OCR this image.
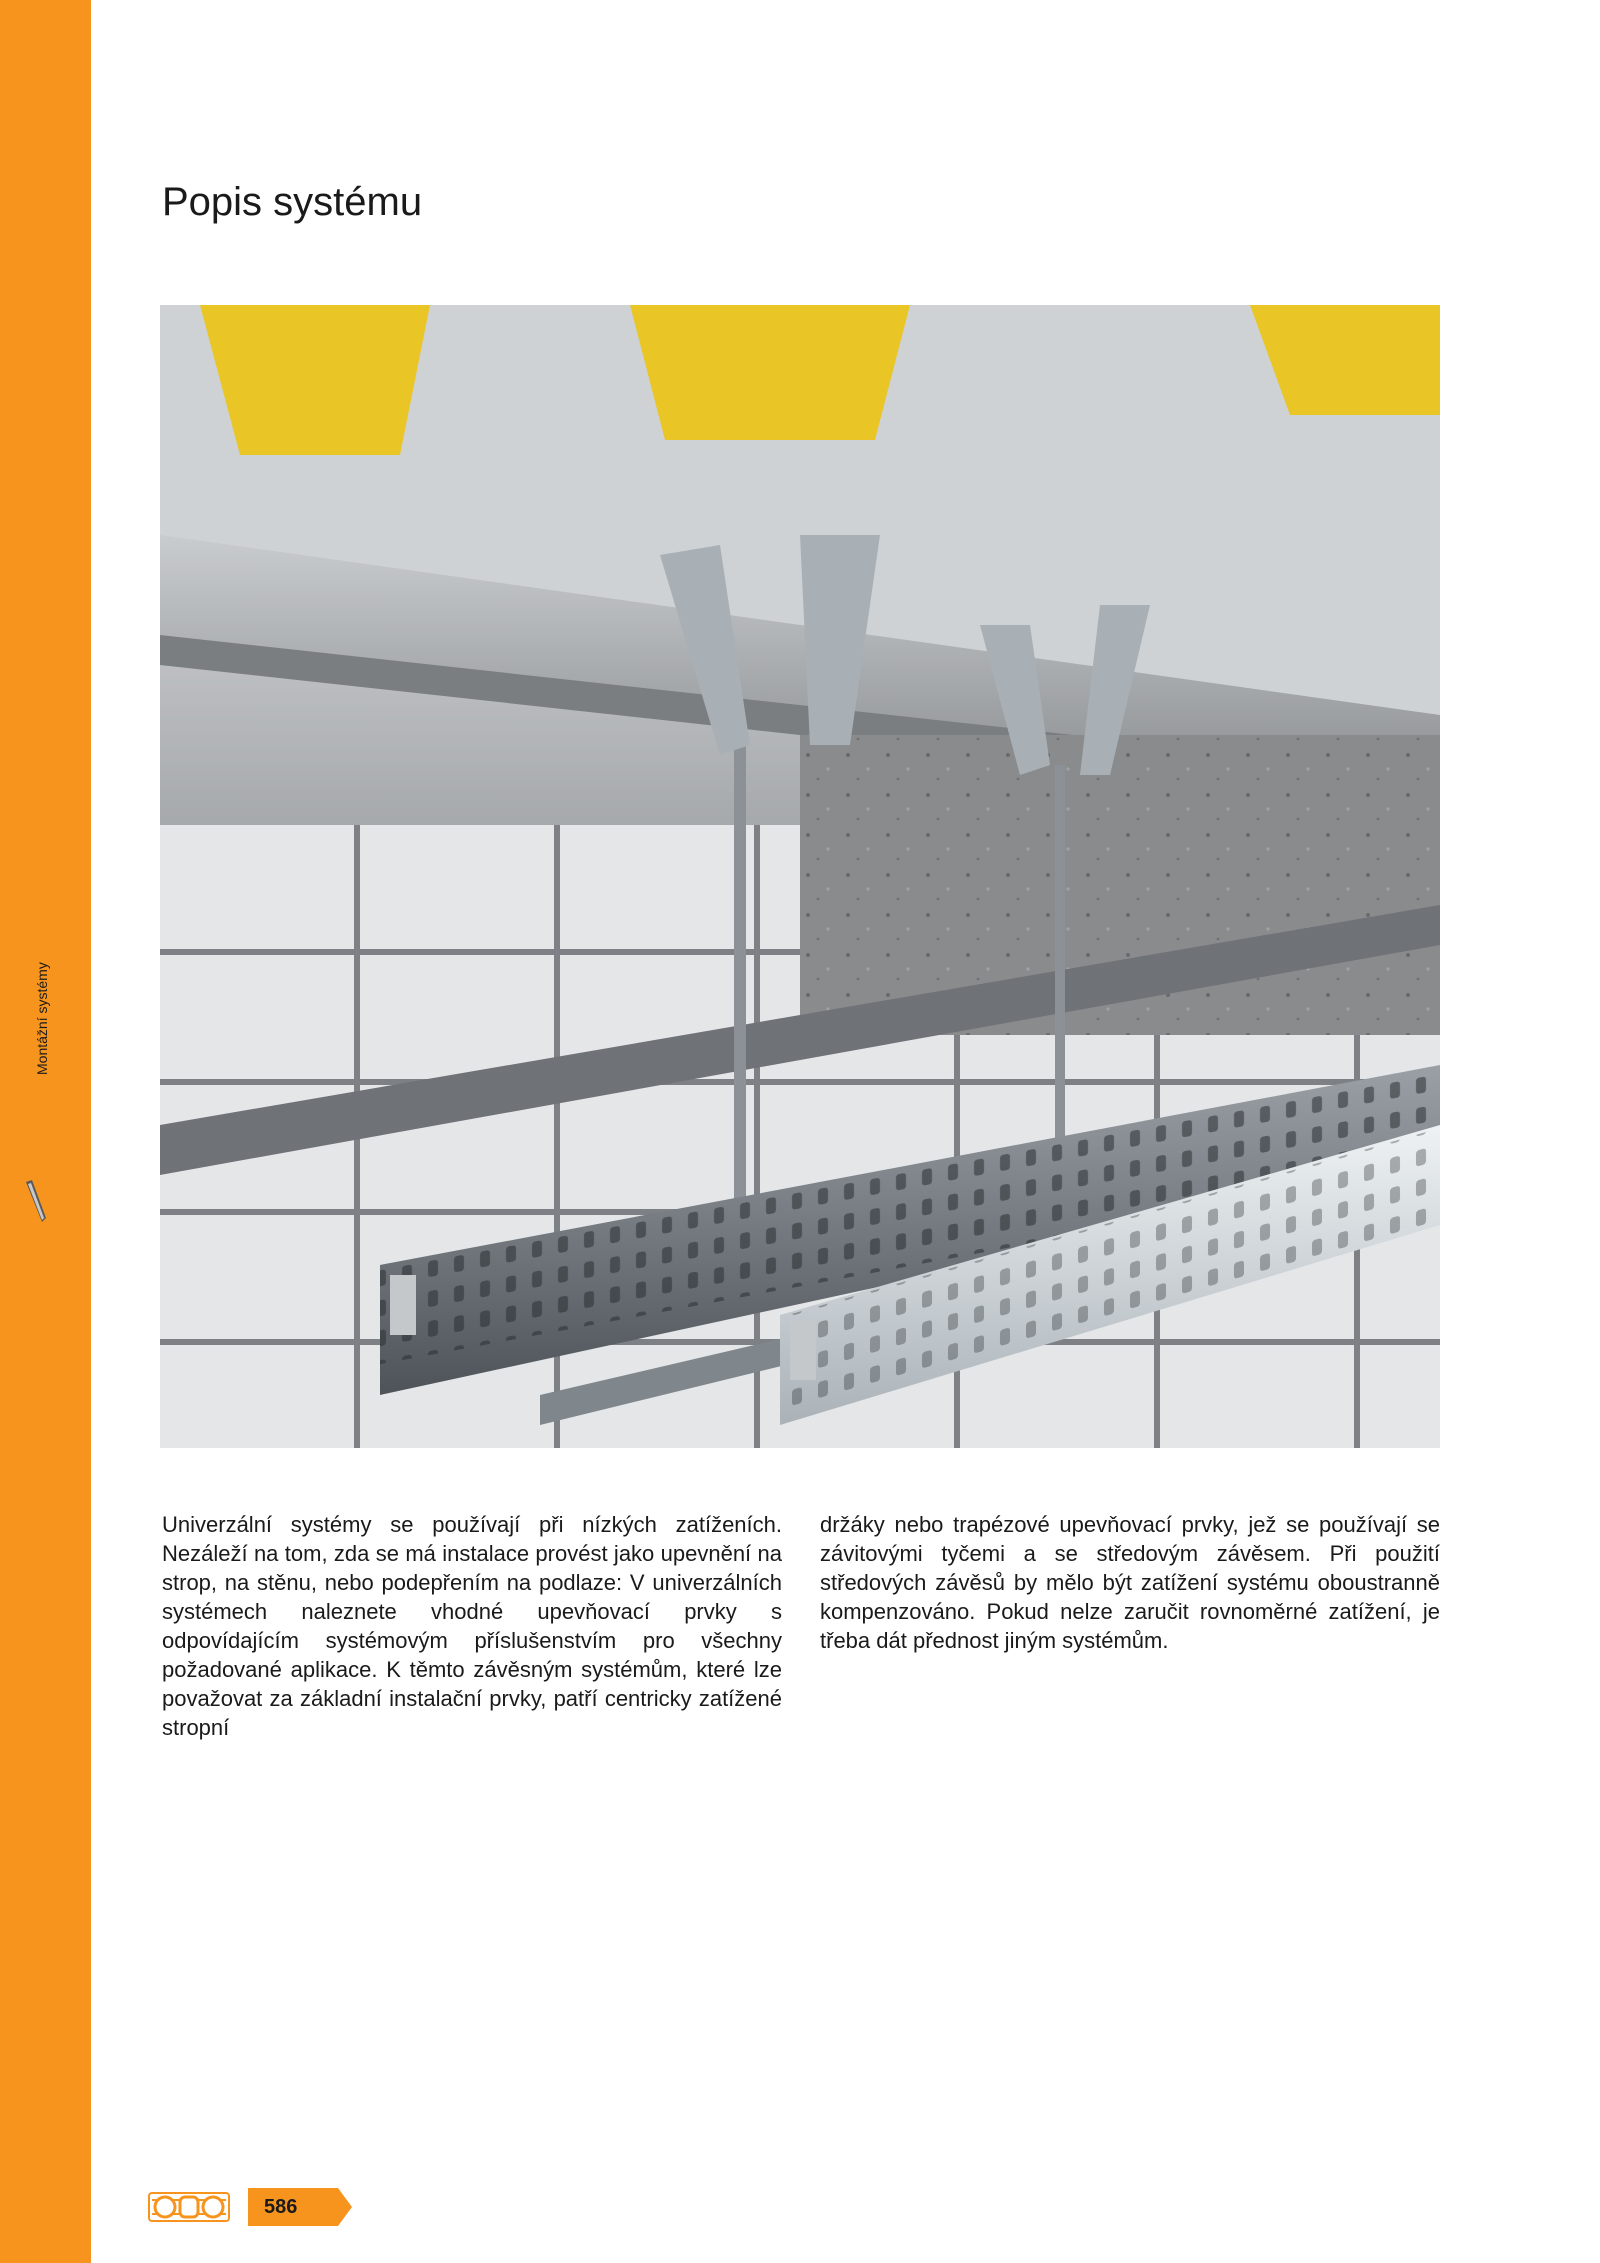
Montážní systémy
Popis systému

Univerzální systémy se používají při nízkých zatíženích. Nezáleží na tom, zda se má instalace provést jako upevnění na strop, na stěnu, nebo podepřením na podlaze: V univerzálních systémech naleznete vhodné upevňovací prvky s odpovídajícím systémovým příslušenstvím pro všechny požadované aplikace. K těmto závěsným systémům, které lze považovat za základní instalační prvky, patří centricky zatížené stropní

držáky nebo trapézové upevňovací prvky, jež se používají se závitovými tyčemi a se středovým závěsem. Při použití středových závěsů by mělo být zatížení systému oboustranně kompenzováno. Pokud nelze zaručit rovnoměrné zatížení, je třeba dát přednost jiným systémům.

586
